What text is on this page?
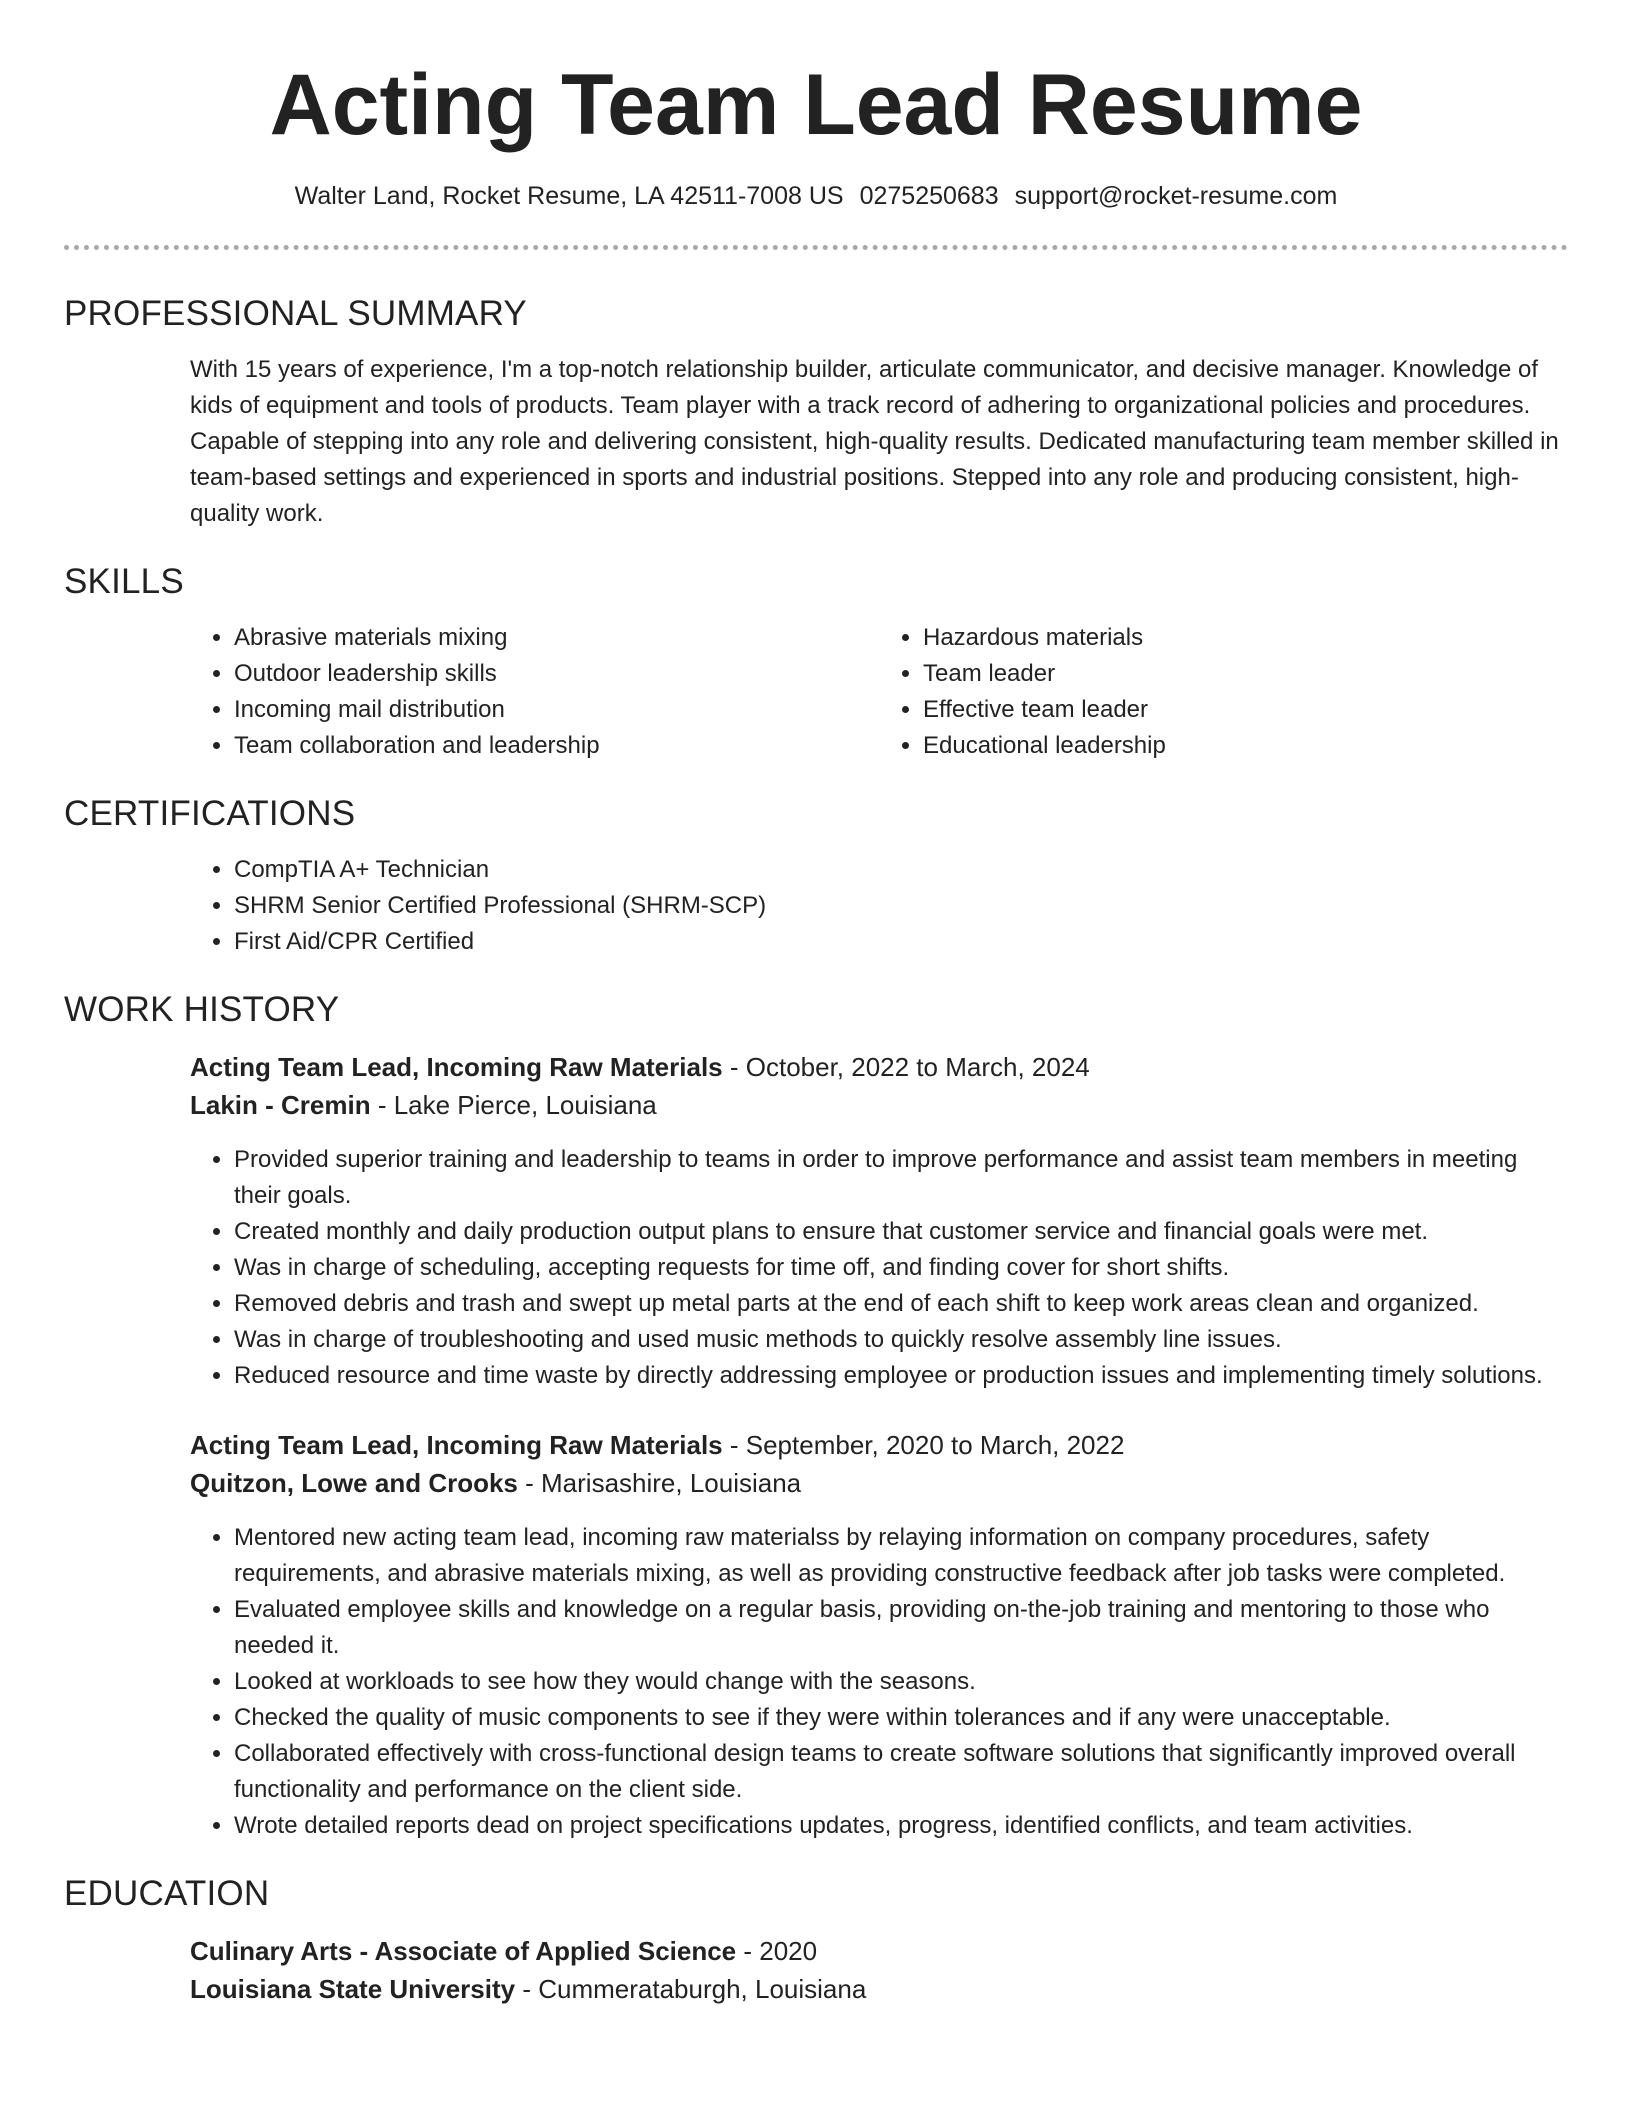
Acting Team Lead Resume
Walter Land, Rocket Resume, LA 42511-7008 US 0275250683 support@rocket-resume.com
PROFESSIONAL SUMMARY
With 15 years of experience, I'm a top-notch relationship builder, articulate communicator, and decisive manager. Knowledge of kids of equipment and tools of products. Team player with a track record of adhering to organizational policies and procedures. Capable of stepping into any role and delivering consistent, high-quality results. Dedicated manufacturing team member skilled in team-based settings and experienced in sports and industrial positions. Stepped into any role and producing consistent, high-quality work.
SKILLS
• Abrasive materials mixing
• Outdoor leadership skills
• Incoming mail distribution
• Team collaboration and leadership
• Hazardous materials
• Team leader
• Effective team leader
• Educational leadership
CERTIFICATIONS
• CompTIA A+ Technician
• SHRM Senior Certified Professional (SHRM-SCP)
• First Aid/CPR Certified
WORK HISTORY
Acting Team Lead, Incoming Raw Materials - October, 2022 to March, 2024
Lakin - Cremin - Lake Pierce, Louisiana
• Provided superior training and leadership to teams in order to improve performance and assist team members in meeting their goals.
• Created monthly and daily production output plans to ensure that customer service and financial goals were met.
• Was in charge of scheduling, accepting requests for time off, and finding cover for short shifts.
• Removed debris and trash and swept up metal parts at the end of each shift to keep work areas clean and organized.
• Was in charge of troubleshooting and used music methods to quickly resolve assembly line issues.
• Reduced resource and time waste by directly addressing employee or production issues and implementing timely solutions.
Acting Team Lead, Incoming Raw Materials - September, 2020 to March, 2022
Quitzon, Lowe and Crooks - Marisashire, Louisiana
• Mentored new acting team lead, incoming raw materialss by relaying information on company procedures, safety requirements, and abrasive materials mixing, as well as providing constructive feedback after job tasks were completed.
• Evaluated employee skills and knowledge on a regular basis, providing on-the-job training and mentoring to those who needed it.
• Looked at workloads to see how they would change with the seasons.
• Checked the quality of music components to see if they were within tolerances and if any were unacceptable.
• Collaborated effectively with cross-functional design teams to create software solutions that significantly improved overall functionality and performance on the client side.
• Wrote detailed reports dead on project specifications updates, progress, identified conflicts, and team activities.
EDUCATION
Culinary Arts - Associate of Applied Science - 2020
Louisiana State University - Cummerataburgh, Louisiana
